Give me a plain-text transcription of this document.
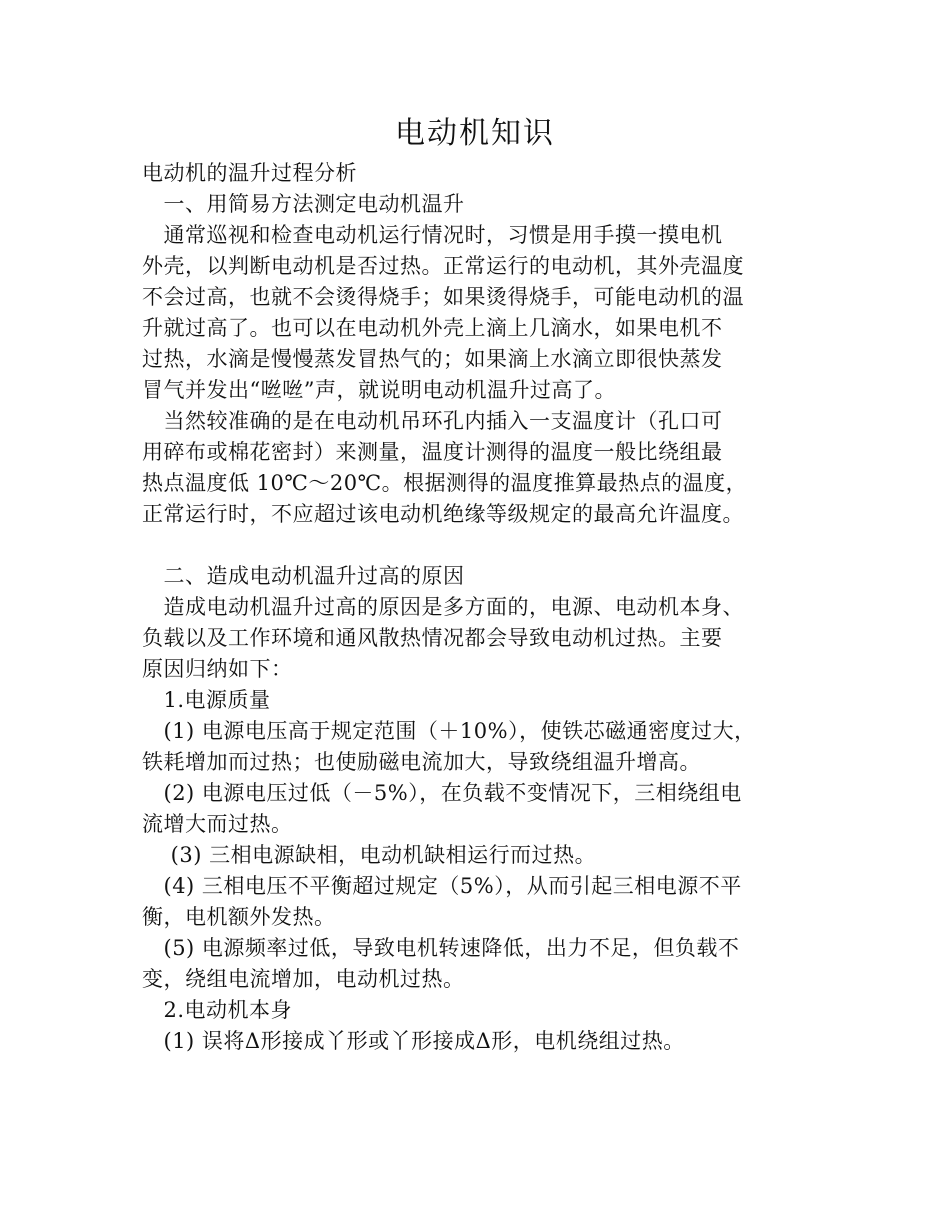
电动机知识

电动机的温升过程分析

　一、用简易方法测定电动机温升

　通常巡视和检查电动机运行情况时，习惯是用手摸一摸电机

外壳，以判断电动机是否过热。正常运行的电动机，其外壳温度

不会过高，也就不会烫得烧手；如果烫得烧手，可能电动机的温

升就过高了。也可以在电动机外壳上滴上几滴水，如果电机不

过热，水滴是慢慢蒸发冒热气的；如果滴上水滴立即很快蒸发

冒气并发出“咝咝”声，就说明电动机温升过高了。

　当然较准确的是在电动机吊环孔内插入一支温度计（孔口可

用碎布或棉花密封）来测量，温度计测得的温度一般比绕组最

热点温度低 10℃～20℃。根据测得的温度推算最热点的温度，

正常运行时，不应超过该电动机绝缘等级规定的最高允许温度。

　二、造成电动机温升过高的原因

　造成电动机温升过高的原因是多方面的，电源、电动机本身、

负载以及工作环境和通风散热情况都会导致电动机过热。主要

原因归纳如下：

　1.电源质量

　(1) 电源电压高于规定范围（＋10%），使铁芯磁通密度过大，

铁耗增加而过热；也使励磁电流加大，导致绕组温升增高。

　(2) 电源电压过低（－5%），在负载不变情况下，三相绕组电

流增大而过热。

　 (3) 三相电源缺相，电动机缺相运行而过热。

　(4) 三相电压不平衡超过规定（5%），从而引起三相电源不平

衡，电机额外发热。

　(5) 电源频率过低，导致电机转速降低，出力不足，但负载不

变，绕组电流增加，电动机过热。

　2.电动机本身

　(1) 误将Δ形接成丫形或丫形接成Δ形，电机绕组过热。
